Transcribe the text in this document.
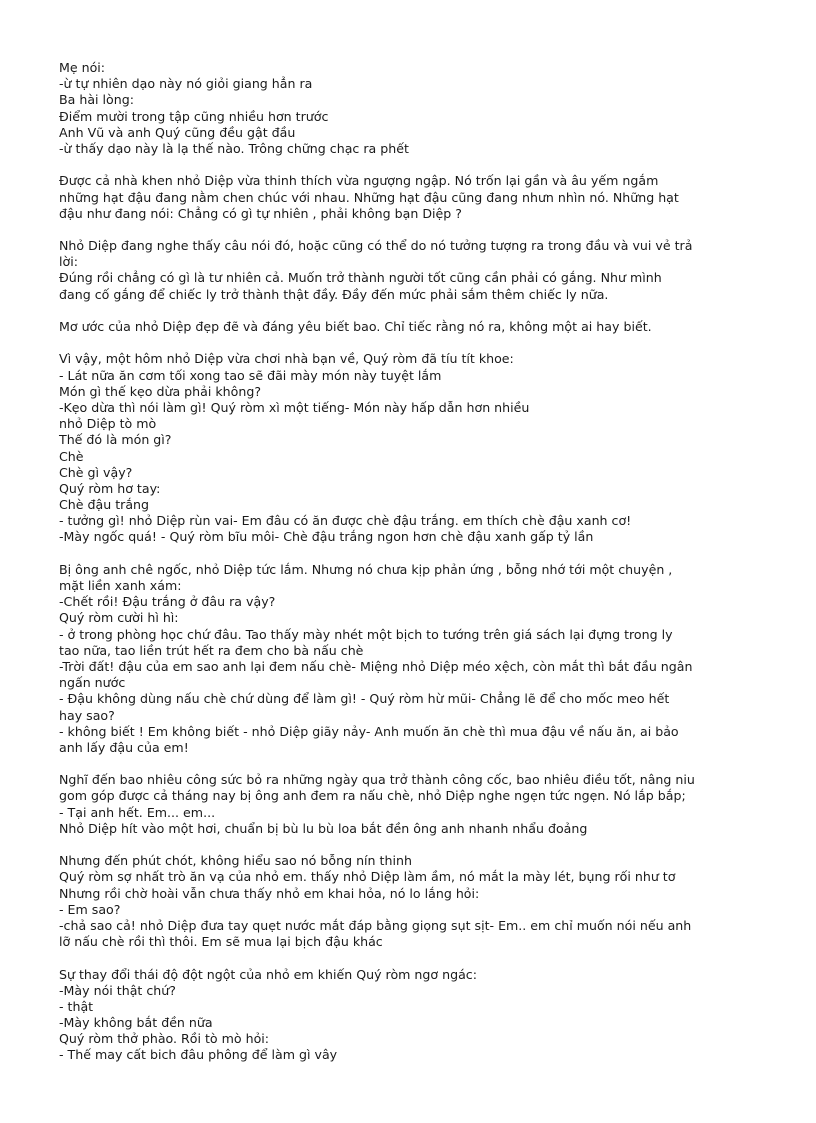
Mẹ nói:
-ừ tự nhiên dạo này nó giỏi giang hẳn ra
Ba hài lòng:
Điểm mười trong tập cũng nhiều hơn trước
Anh Vũ và anh Quý cũng đều gật đầu
-ừ thấy dạo này là lạ thế nào. Trông chững chạc ra phết
Được cả nhà khen nhỏ Diệp vừa thinh thích vừa ngượng ngập. Nó trốn lại gần và âu yếm ngắm
những hạt đậu đang nằm chen chúc với nhau. Những hạt đậu cũng đang nhưn nhìn nó. Những hạt
đậu như đang nói: Chẳng có gì tự nhiên , phải không bạn Diệp ?
Nhỏ Diệp đang nghe thấy câu nói đó, hoặc cũng có thể do nó tưởng tượng ra trong đầu và vui vẻ trả
lời:
Đúng rồi chẳng có gì là tư nhiên cả. Muốn trở thành người tốt cũng cần phải có gắng. Như mình
đang cố gắng để chiếc ly trở thành thật đầy. Đầy đến mức phải sắm thêm chiếc ly nữa.
Mơ ước của nhỏ Diệp đẹp đẽ và đáng yêu biết bao. Chỉ tiếc rằng nó ra, không một ai hay biết.
Vì vậy, một hôm nhỏ Diệp vừa chơi nhà bạn về, Quý ròm đã tíu tít khoe:
- Lát nữa ăn cơm tối xong tao sẽ đãi mày món này tuyệt lắm
Món gì thế kẹo dừa phải không?
-Kẹo dừa thì nói làm gì! Quý ròm xì một tiếng- Món này hấp dẫn hơn nhiều
nhỏ Diệp tò mò
Thế đó là món gì?
Chè
Chè gì vậy?
Quý ròm hơ tay:
Chè đậu trắng
- tưởng gì! nhỏ Diệp rùn vai- Em đâu có ăn được chè đậu trắng. em thích chè đậu xanh cơ!
-Mày ngốc quá! - Quý ròm bĩu môi- Chè đậu trắng ngon hơn chè đậu xanh gấp tỷ lần
Bị ông anh chê ngốc, nhỏ Diệp tức lắm. Nhưng nó chưa kịp phản ứng , bỗng nhớ tới một chuyện ,
mặt liền xanh xám:
-Chết rồi! Đậu trắng ở đâu ra vậy?
Quý ròm cười hì hì:
- ở trong phòng học chứ đâu. Tao thấy mày nhét một bịch to tướng trên giá sách lại đựng trong ly
tao nữa, tao liền trút hết ra đem cho bà nấu chè
-Trời đất! đậu của em sao anh lại đem nấu chè- Miệng nhỏ Diệp méo xệch, còn mắt thì bắt đầu ngân
ngấn nước
- Đậu không dùng nấu chè chứ dùng để làm gì! - Quý ròm hừ mũi- Chẳng lẽ để cho mốc meo hết
hay sao?
- không biết ! Em không biết - nhỏ Diệp giãy nảy- Anh muốn ăn chè thì mua đậu về nấu ăn, ai bảo
anh lấy đậu của em!
Nghĩ đến bao nhiêu công sức bỏ ra những ngày qua trở thành công cốc, bao nhiêu điều tốt, nâng niu
gom góp được cả tháng nay bị ông anh đem ra nấu chè, nhỏ Diệp nghe ngẹn tức ngẹn. Nó lắp bắp;
- Tại anh hết. Em... em...
Nhỏ Diệp hít vào một hơi, chuẩn bị bù lu bù loa bắt đền ông anh nhanh nhẩu đoảng
Nhưng đến phút chót, không hiểu sao nó bỗng nín thinh
Quý ròm sợ nhất trò ăn vạ của nhỏ em. thấy nhỏ Diệp làm ầm, nó mắt la mày lét, bụng rối như tơ
Nhưng rồi chờ hoài vẫn chưa thấy nhỏ em khai hỏa, nó lo lắng hỏi:
- Em sao?
-chả sao cả! nhỏ Diệp đưa tay quẹt nước mắt đáp bằng giọng sụt sịt- Em.. em chỉ muốn nói nếu anh
lỡ nấu chè rồi thì thôi. Em sẽ mua lại bịch đậu khác
Sự thay đổi thái độ đột ngột của nhỏ em khiến Quý ròm ngơ ngác:
-Mày nói thật chứ?
- thật
-Mày không bắt đền nữa
Quý ròm thở phào. Rồi tò mò hỏi:
- Thế may cất bich đâu phông để làm gì vây
